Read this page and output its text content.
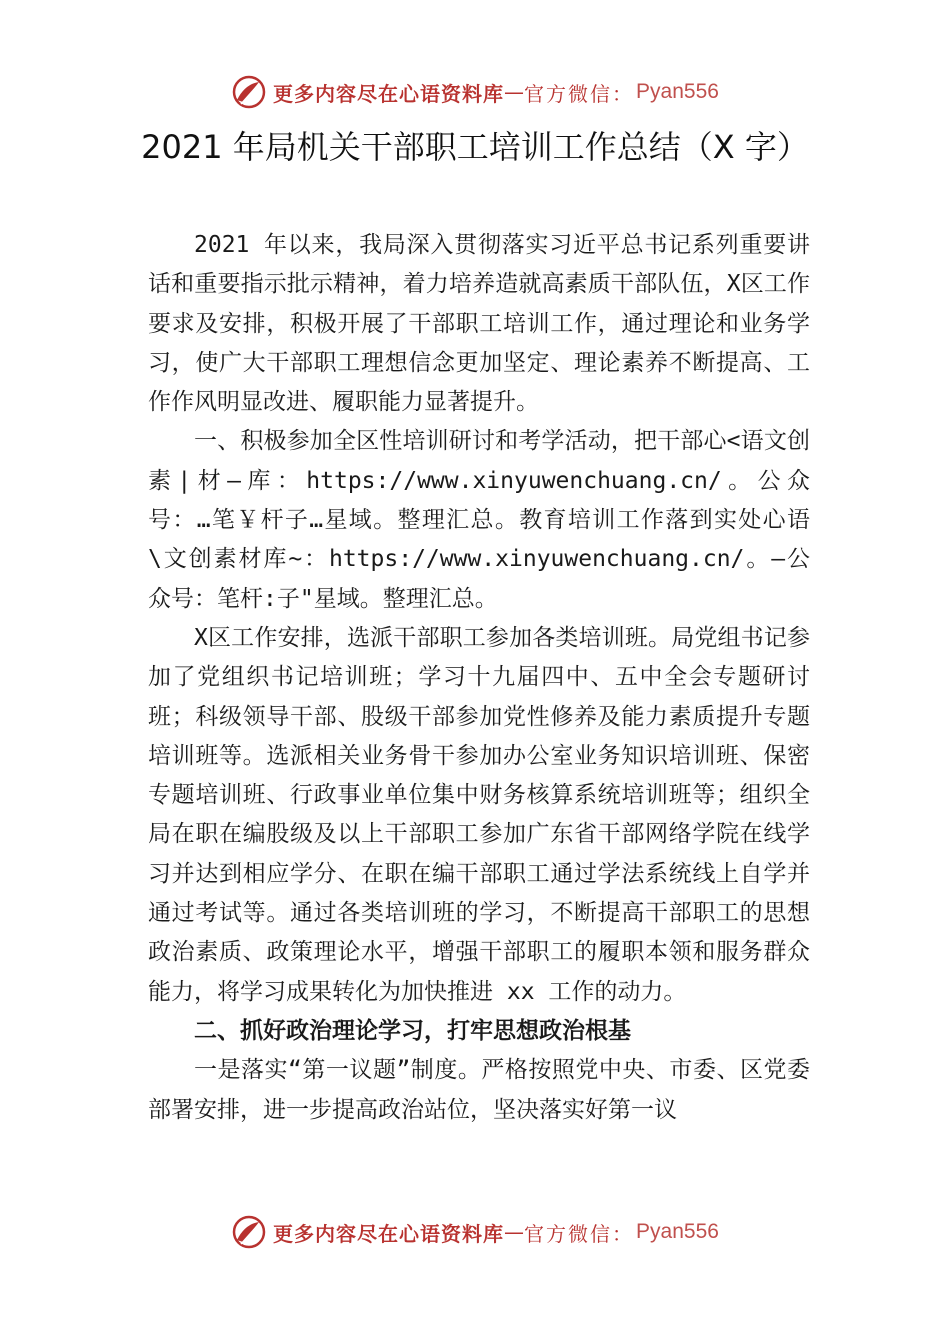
更多内容尽在心语资料库 — 官方微信： Pyan556
2021 年局机关干部职工培训工作总结（X 字）

2021 年以来，我局深入贯彻落实习近平总书记系列重要讲话和重要指示批示精神，着力培养造就高素质干部队伍，X区工作要求及安排，积极开展了干部职工培训工作，通过理论和业务学习，使广大干部职工理想信念更加坚定、理论素养不断提高、工作作风明显改进、履职能力显著提升。

一、积极参加全区性培训研讨和考学活动，把干部心<语文创素|材—库：https://www.xinyuwenchuang.cn/。公众号：…笔￥杆子…星域。整理汇总。教育培训工作落到实处心语\文创素材库~：https://www.xinyuwenchuang.cn/。—公众号：笔杆:子"星域。整理汇总。

X区工作安排，选派干部职工参加各类培训班。局党组书记参加了党组织书记培训班；学习十九届四中、五中全会专题研讨班；科级领导干部、股级干部参加党性修养及能力素质提升专题培训班等。选派相关业务骨干参加办公室业务知识培训班、保密专题培训班、行政事业单位集中财务核算系统培训班等；组织全局在职在编股级及以上干部职工参加广东省干部网络学院在线学习并达到相应学分、在职在编干部职工通过学法系统线上自学并通过考试等。通过各类培训班的学习，不断提高干部职工的思想政治素质、政策理论水平，增强干部职工的履职本领和服务群众能力，将学习成果转化为加快推进 xx 工作的动力。

二、抓好政治理论学习，打牢思想政治根基

一是落实“第一议题”制度。严格按照党中央、市委、区党委部署安排，进一步提高政治站位，坚决落实好第一议

更多内容尽在心语资料库 — 官方微信： Pyan556
